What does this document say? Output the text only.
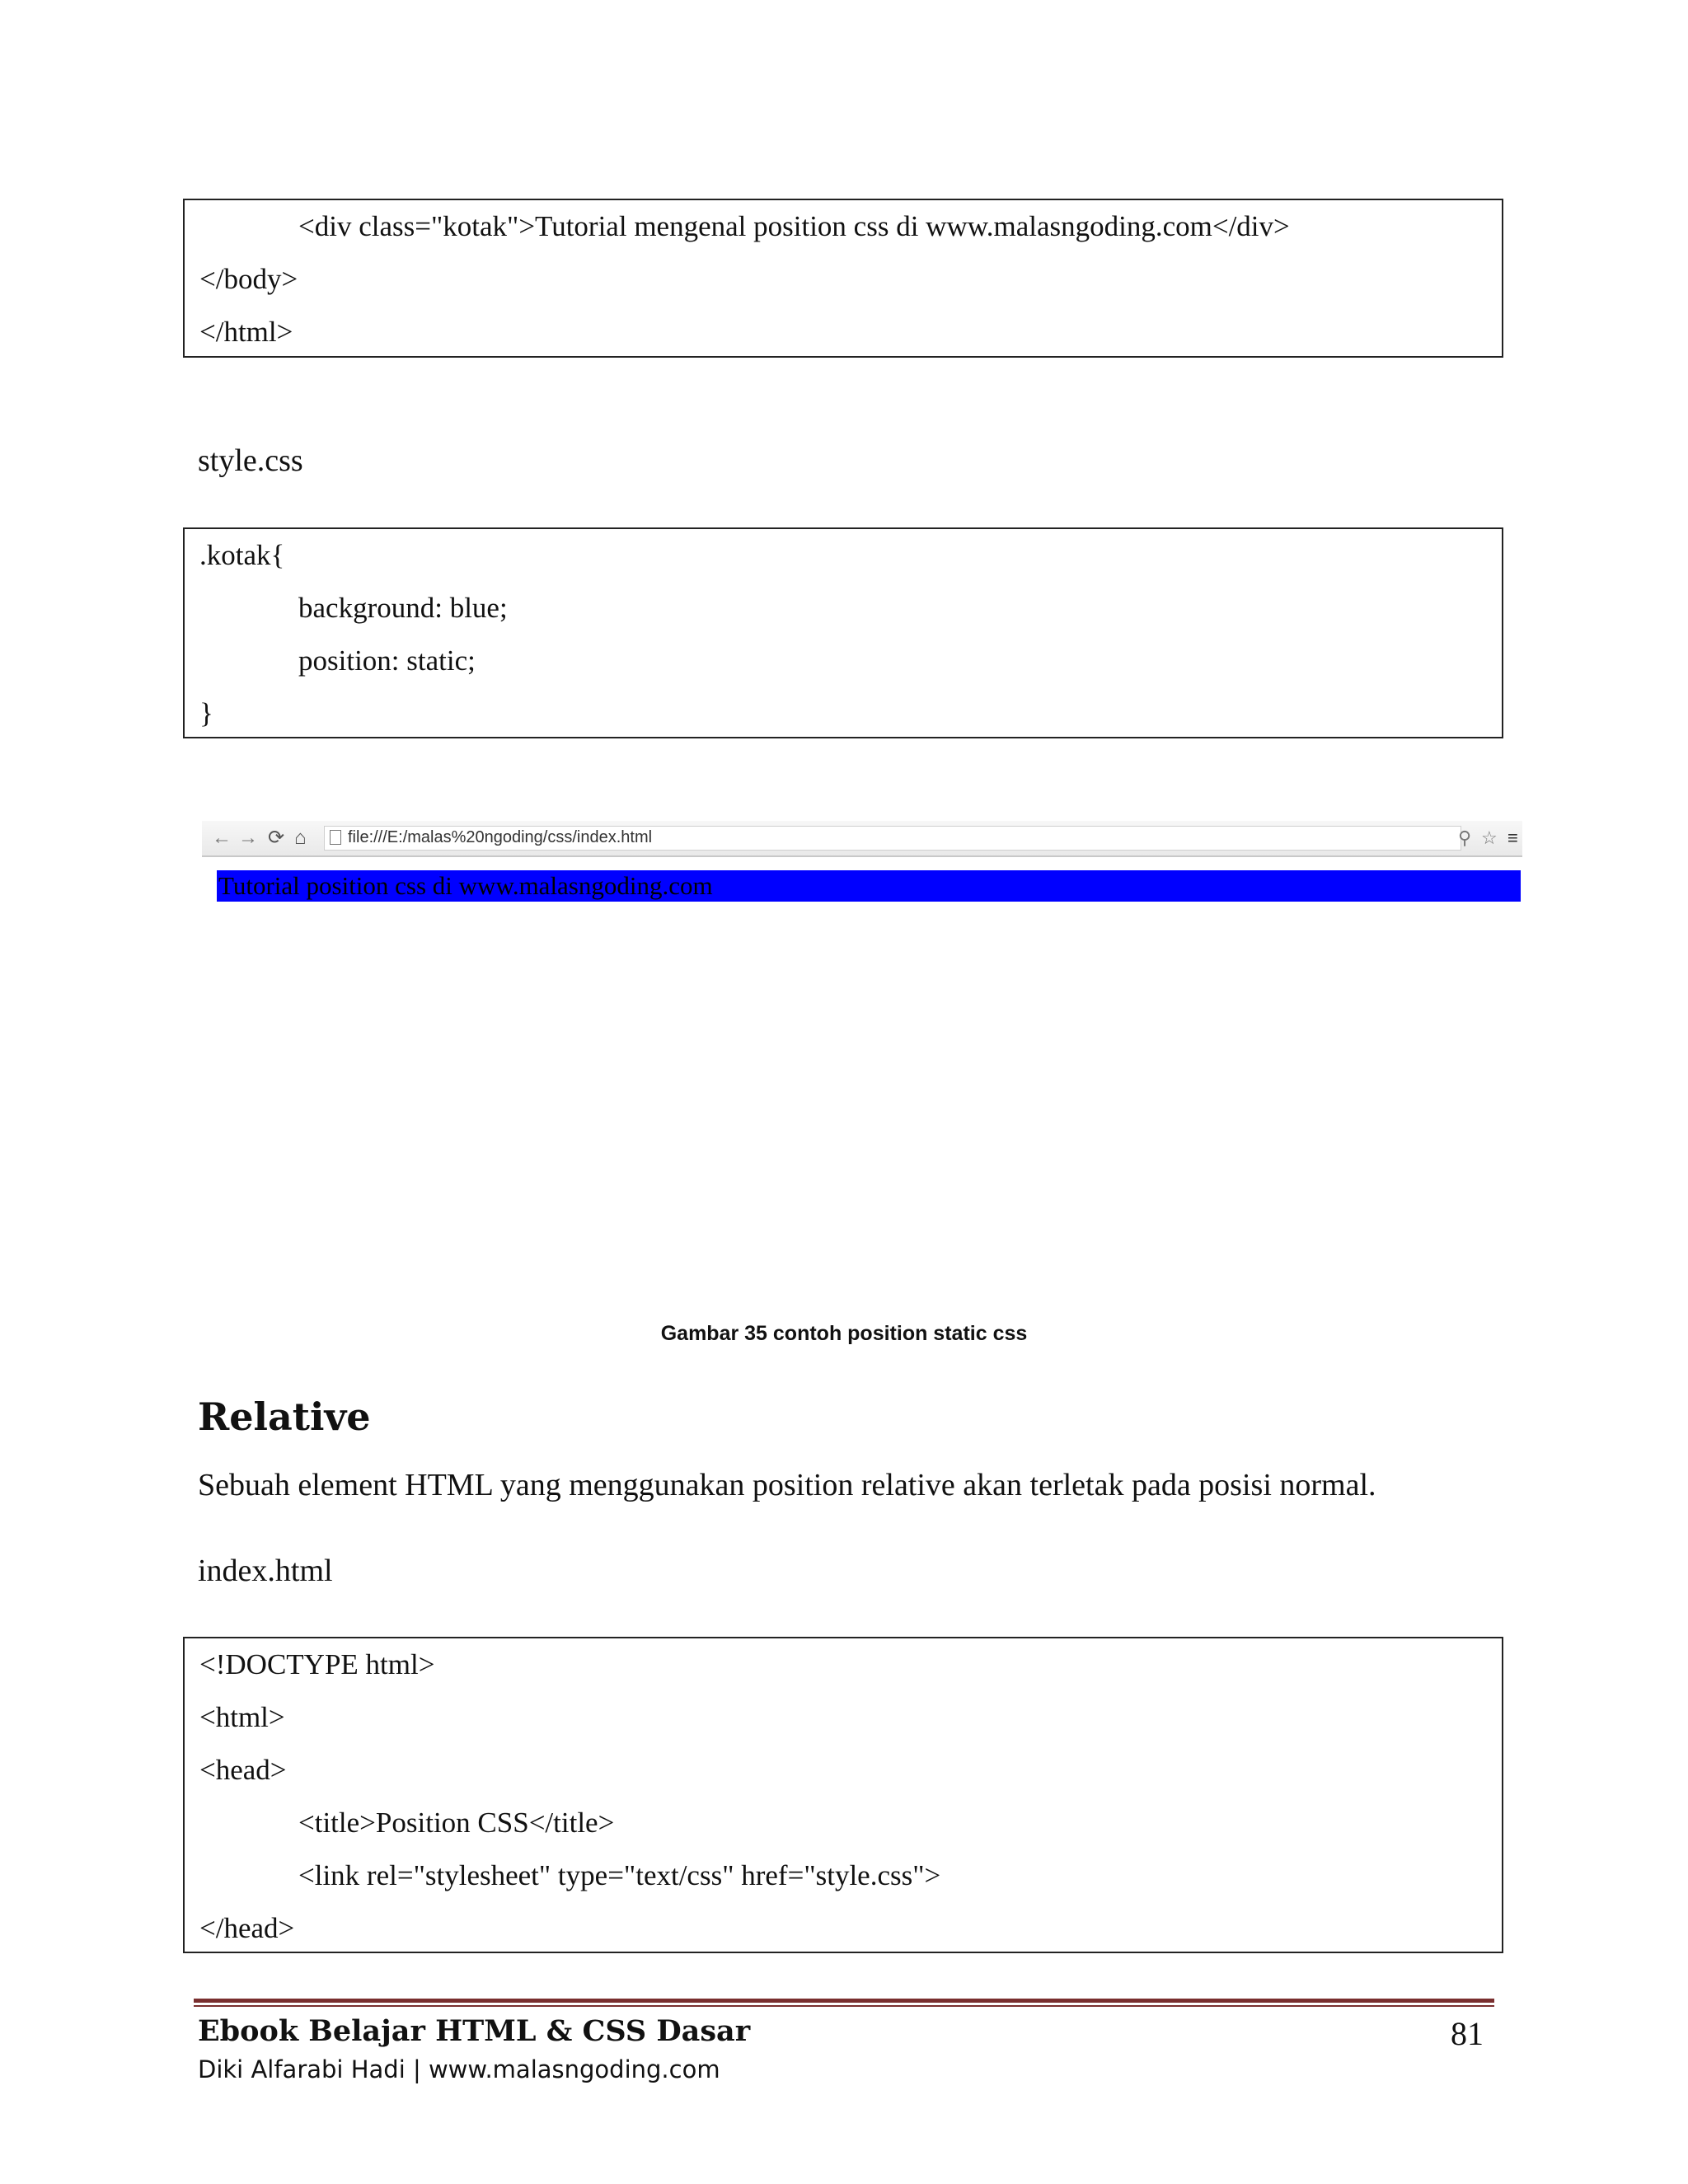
<div class="kotak">Tutorial mengenal position css di www.malasngoding.com</div>
</body>
</html>
style.css
.kotak{
background: blue;
position: static;
}
← → ⟳ ⌂	file:///E:/malas%20ngoding/css/index.html	⚲ ☆ ≡
Tutorial position css di www.malasngoding.com
Gambar 35 contoh position static css
Relative
Sebuah element HTML yang menggunakan position relative akan terletak pada posisi normal.
index.html
<!DOCTYPE html>
<html>
<head>
<title>Position CSS</title>
<link rel="stylesheet" type="text/css" href="style.css">
</head>
Ebook Belajar HTML & CSS Dasar	81
Diki Alfarabi Hadi | www.malasngoding.com
